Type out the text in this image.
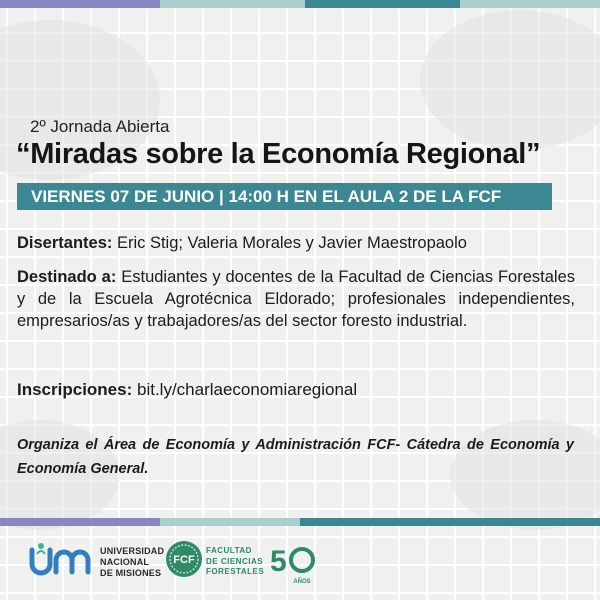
2º Jornada Abierta
“Miradas sobre la Economía Regional”
VIERNES 07 DE JUNIO | 14:00 H EN EL AULA 2 DE LA FCF
Disertantes: Eric Stig; Valeria Morales y Javier Maestropaolo
Destinado a: Estudiantes y docentes de la Facultad de Ciencias Forestales y de la Escuela Agrotécnica Eldorado; profesionales independientes, empresarios/as y trabajadores/as del sector foresto industrial.
Inscripciones: bit.ly/charlaeconomiaregional
Organiza el Área de Economía y Administración FCF- Cátedra de Economía y Economía General.
UNIVERSIDAD
NACIONAL
DE MISIONES
FCF
FACULTAD
DE CIENCIAS
FORESTALES 5
AÑOS
